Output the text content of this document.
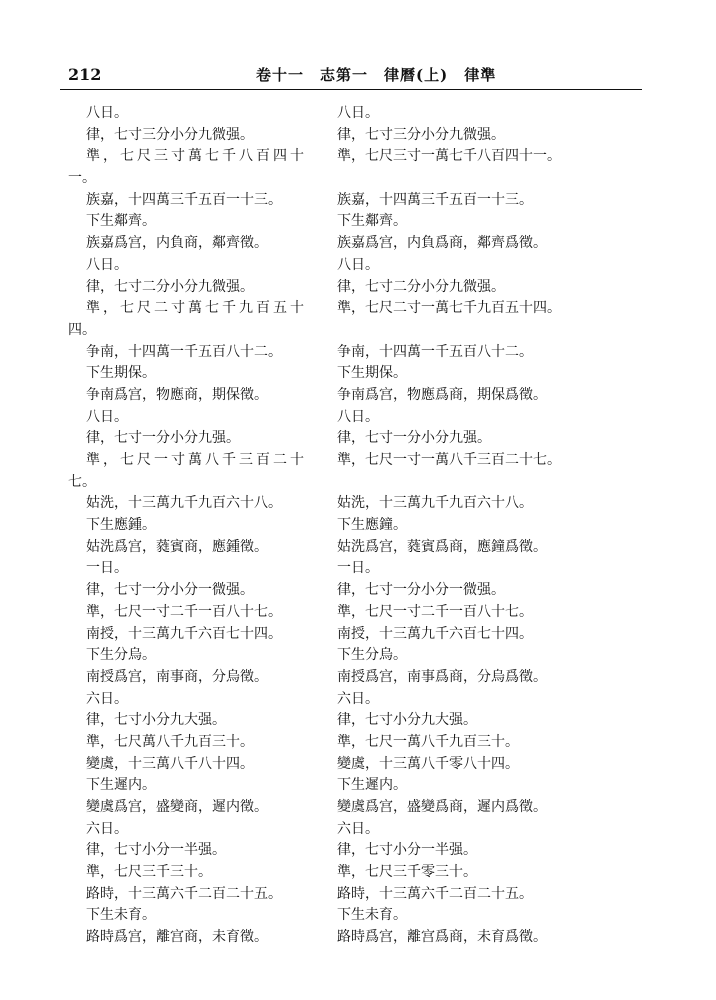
212	卷十一　志第一　律曆(上)　律準
八日。
律，七寸三分小分九微强。
準，七尺三寸萬七千八百四十
一。
族嘉，十四萬三千五百一十三。
下生鄰齊。
族嘉爲宫，内負商，鄰齊徵。
八日。
律，七寸二分小分九微强。
準，七尺二寸萬七千九百五十
四。
争南，十四萬一千五百八十二。
下生期保。
争南爲宫，物應商，期保徵。
八日。
律，七寸一分小分九强。
準，七尺一寸萬八千三百二十
七。
姑洗，十三萬九千九百六十八。
下生應鍾。
姑洗爲宫，蕤賓商，應鍾徵。
一日。
律，七寸一分小分一微强。
準，七尺一寸二千一百八十七。
南授，十三萬九千六百七十四。
下生分烏。
南授爲宫，南事商，分烏徵。
六日。
律，七寸小分九大强。
準，七尺萬八千九百三十。
變虞，十三萬八千八十四。
下生遲内。
變虞爲宫，盛變商，遲内徵。
六日。
律，七寸小分一半强。
準，七尺三千三十。
路時，十三萬六千二百二十五。
下生未育。
路時爲宫，離宫商，未育徵。
八日。
律，七寸三分小分九微强。
準，七尺三寸一萬七千八百四十一。
族嘉，十四萬三千五百一十三。
下生鄰齊。
族嘉爲宫，内負爲商，鄰齊爲徵。
八日。
律，七寸二分小分九微强。
準，七尺二寸一萬七千九百五十四。
争南，十四萬一千五百八十二。
下生期保。
争南爲宫，物應爲商，期保爲徵。
八日。
律，七寸一分小分九强。
準，七尺一寸一萬八千三百二十七。
姑洗，十三萬九千九百六十八。
下生應鐘。
姑洗爲宫，蕤賓爲商，應鐘爲徵。
一日。
律，七寸一分小分一微强。
準，七尺一寸二千一百八十七。
南授，十三萬九千六百七十四。
下生分烏。
南授爲宫，南事爲商，分烏爲徵。
六日。
律，七寸小分九大强。
準，七尺一萬八千九百三十。
變虞，十三萬八千零八十四。
下生遲内。
變虞爲宫，盛變爲商，遲内爲徵。
六日。
律，七寸小分一半强。
準，七尺三千零三十。
路時，十三萬六千二百二十五。
下生未育。
路時爲宫，離宫爲商，未育爲徵。
